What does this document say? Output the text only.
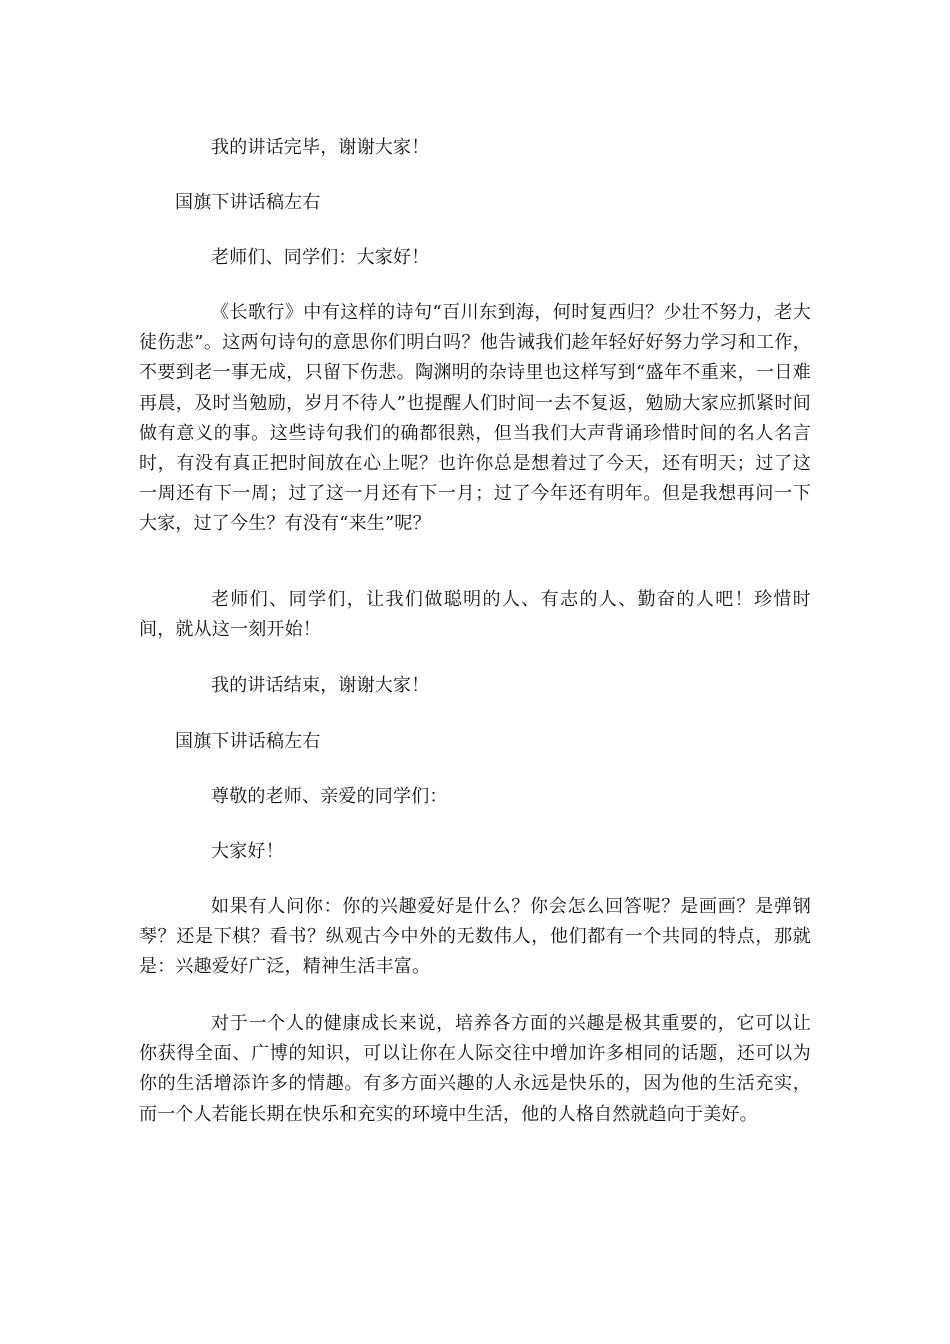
我的讲话完毕，谢谢大家！

国旗下讲话稿左右

老师们、同学们：大家好！

《长歌行》中有这样的诗句“百川东到海，何时复西归？少壮不努力，老大徒伤悲”。这两句诗句的意思你们明白吗？他告诫我们趁年轻好好努力学习和工作，不要到老一事无成，只留下伤悲。陶渊明的杂诗里也这样写到“盛年不重来，一日难再晨，及时当勉励，岁月不待人”也提醒人们时间一去不复返，勉励大家应抓紧时间做有意义的事。这些诗句我们的确都很熟，但当我们大声背诵珍惜时间的名人名言时，有没有真正把时间放在心上呢？也许你总是想着过了今天，还有明天；过了这一周还有下一周；过了这一月还有下一月；过了今年还有明年。但是我想再问一下大家，过了今生？有没有“来生”呢？

老师们、同学们，让我们做聪明的人、有志的人、勤奋的人吧！珍惜时间，就从这一刻开始！

我的讲话结束，谢谢大家！

国旗下讲话稿左右

尊敬的老师、亲爱的同学们：

大家好！

如果有人问你：你的兴趣爱好是什么？你会怎么回答呢？是画画？是弹钢琴？还是下棋？看书？纵观古今中外的无数伟人，他们都有一个共同的特点，那就是：兴趣爱好广泛，精神生活丰富。

对于一个人的健康成长来说，培养各方面的兴趣是极其重要的，它可以让你获得全面、广博的知识，可以让你在人际交往中增加许多相同的话题，还可以为你的生活增添许多的情趣。有多方面兴趣的人永远是快乐的，因为他的生活充实，而一个人若能长期在快乐和充实的环境中生活，他的人格自然就趋向于美好。
